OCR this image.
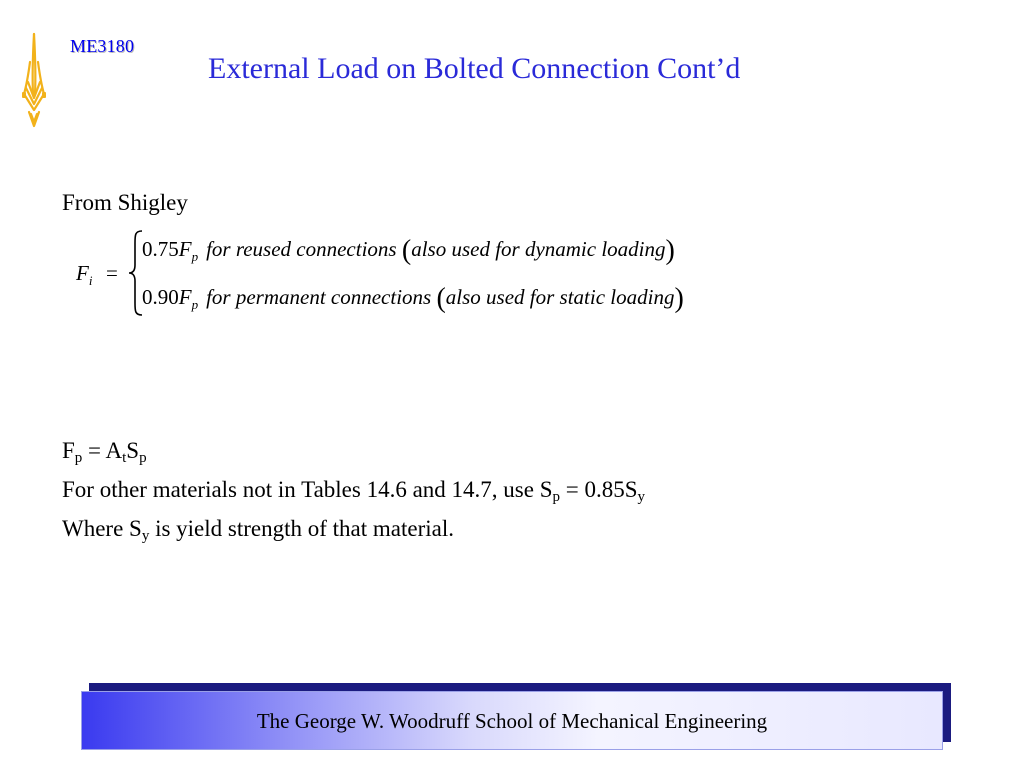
ME3180
External Load on Bolted Connection Cont’d
From Shigley
$F_i$ =
$0.75F_p$ for reused connections (also used for dynamic loading)
$0.90F_p$ for permanent connections (also used for static loading)
$F_p = A_tS_p$
For other materials not in Tables 14.6 and 14.7, use $S_p = 0.85S_y$
Where $S_y$ is yield strength of that material.
The George W. Woodruff School of Mechanical Engineering
